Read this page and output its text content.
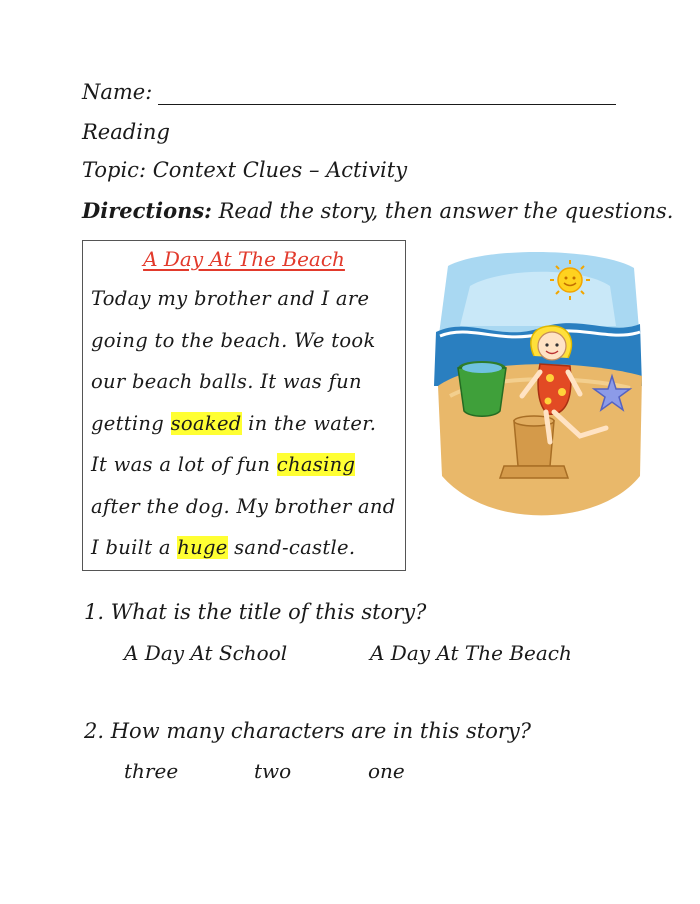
Name:
Reading
Topic: Context Clues – Activity
Directions: Read the story, then answer the questions.
A Day At The Beach
Today my brother and I are
going to the beach. We took
our beach balls. It was fun
getting soaked in the water.
It was a lot of fun chasing
after the dog. My brother and
I built a huge sand-castle.
1. What is the title of this story?
A Day At School	A Day At The Beach
2. How many characters are in this story?
three	two	one
